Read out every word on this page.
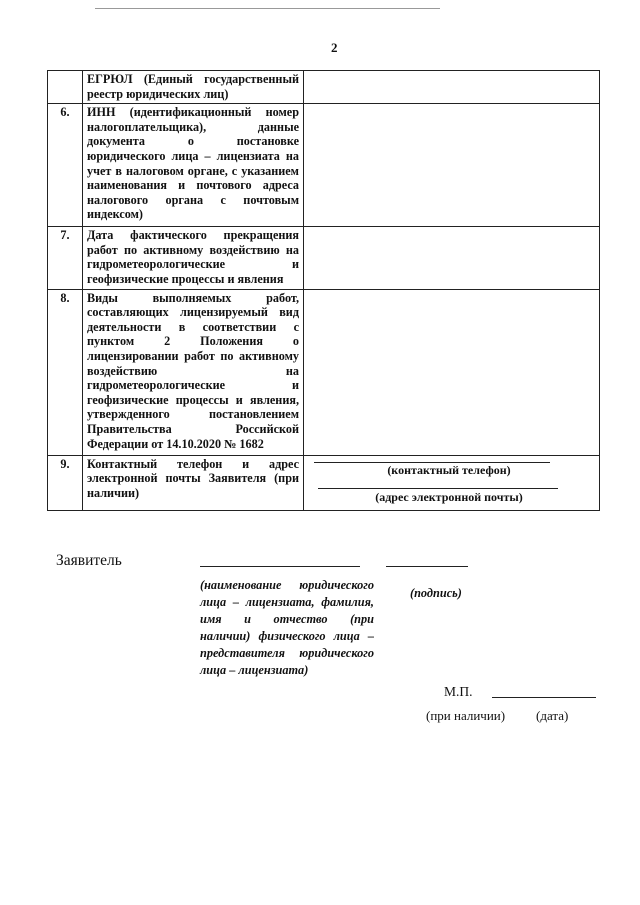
2
	ЕГРЮЛ (Единый государственный реестр юридических лиц)	
6.	ИНН (идентификационный номер налогоплательщика), данные документа о постановке юридического лица – лицензиата на учет в налоговом органе, с указанием наименования и почтового адреса налогового органа с почтовым индексом)	
7.	Дата фактического прекращения работ по активному воздействию на гидрометеорологические и геофизические процессы и явления	
8.	Виды выполняемых работ, составляющих лицензируемый вид деятельности в соответствии с пунктом 2 Положения о лицензировании работ по активному воздействию на гидрометеорологические и геофизические процессы и явления, утвержденного постановлением Правительства Российской Федерации от 14.10.2020 № 1682	
9.	Контактный телефон и адрес электронной почты Заявителя (при наличии)	(контактный телефон)
(адрес электронной почты)
Заявитель
(наименование юридического
лица – лицензиата, фамилия,
имя и отчество (при
наличии) физического лица –
представителя юридического
лица – лицензиата)
(подпись)
М.П.
(при наличии) (дата)
